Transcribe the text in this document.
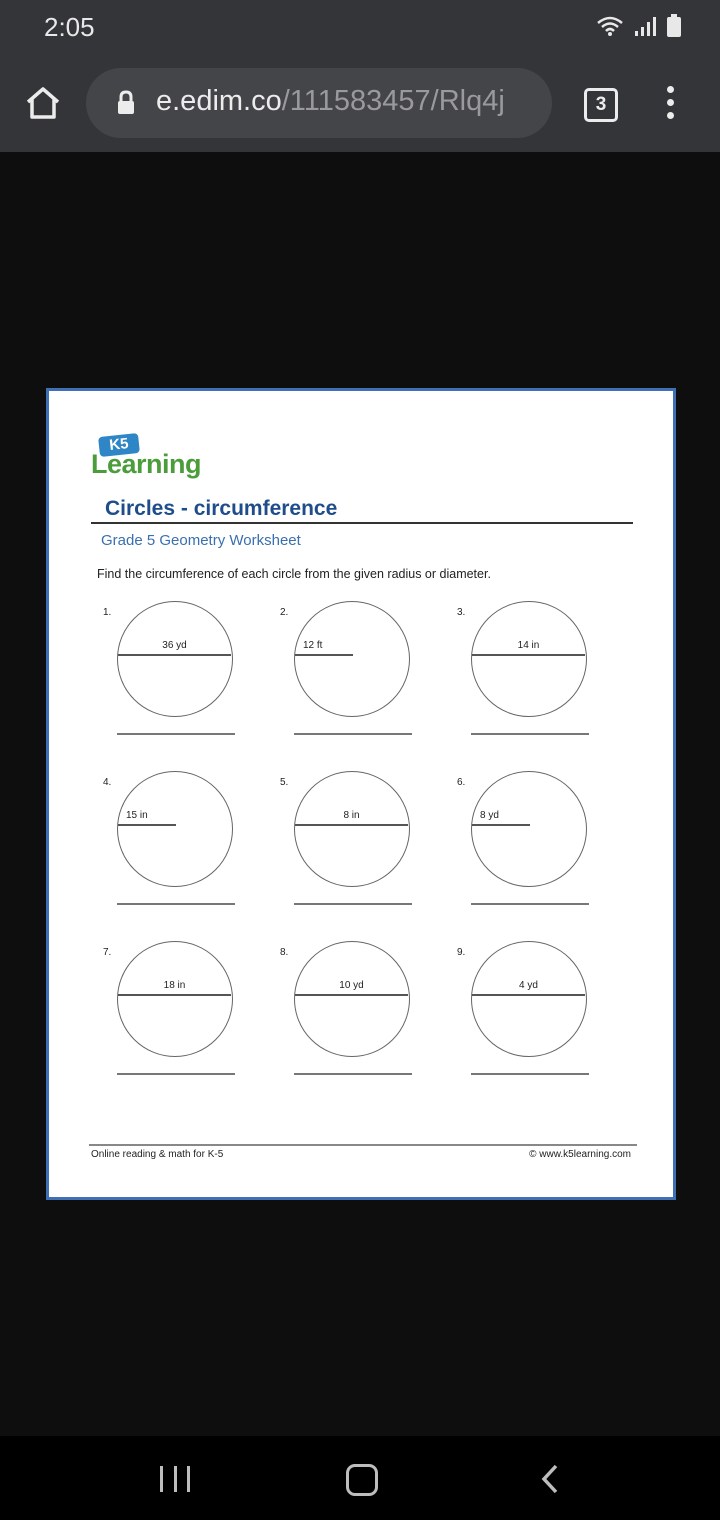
2:05
e.edim.co/111583457/Rlq4j	3
K5
Learning
Circles - circumference
Grade 5 Geometry Worksheet
Find the circumference of each circle from the given radius or diameter.
1.
36 yd
2.
12 ft
3.
14 in
4.
15 in
5.
8 in
6.
8 yd
7.
18 in
8.
10 yd
9.
4 yd
Online reading & math for K-5	© www.k5learning.com
